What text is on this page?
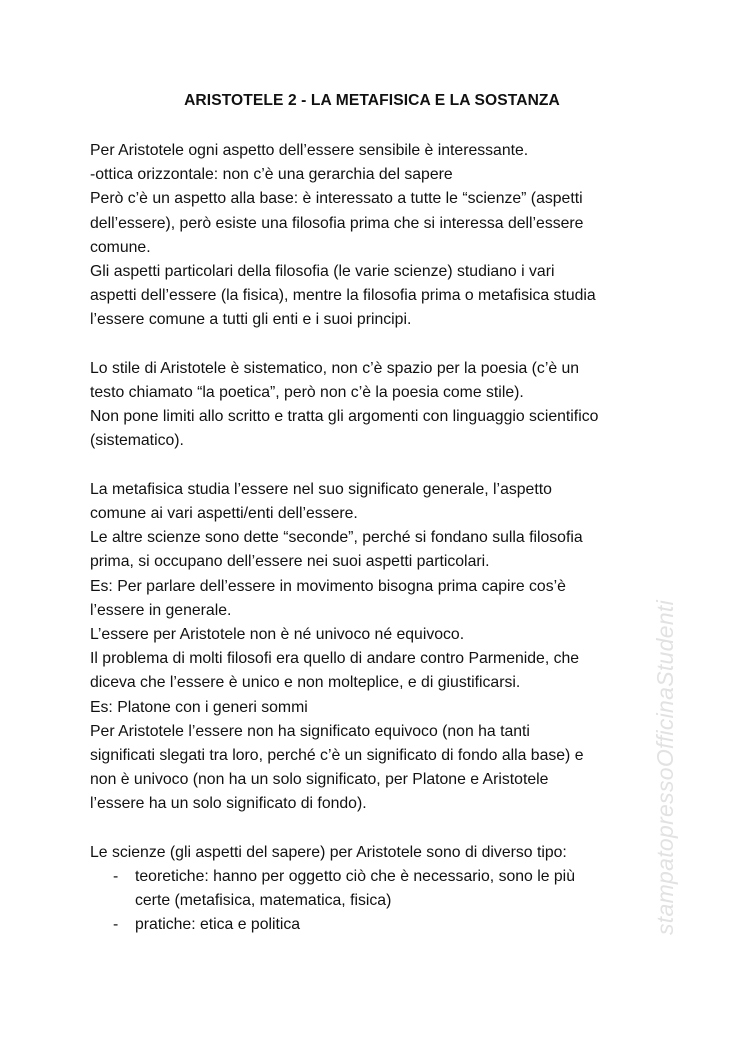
ARISTOTELE 2 - LA METAFISICA E LA SOSTANZA

Per Aristotele ogni aspetto dell’essere sensibile è interessante.
-ottica orizzontale: non c’è una gerarchia del sapere
Però c’è un aspetto alla base: è interessato a tutte le “scienze” (aspetti
dell’essere), però esiste una filosofia prima che si interessa dell’essere
comune.
Gli aspetti particolari della filosofia (le varie scienze) studiano i vari
aspetti dell’essere (la fisica), mentre la filosofia prima o metafisica studia
l’essere comune a tutti gli enti e i suoi principi.

Lo stile di Aristotele è sistematico, non c’è spazio per la poesia (c’è un
testo chiamato “la poetica”, però non c’è la poesia come stile).
Non pone limiti allo scritto e tratta gli argomenti con linguaggio scientifico
(sistematico).

La metafisica studia l’essere nel suo significato generale, l’aspetto
comune ai vari aspetti/enti dell’essere.
Le altre scienze sono dette “seconde”, perché si fondano sulla filosofia
prima, si occupano dell’essere nei suoi aspetti particolari.
Es: Per parlare dell’essere in movimento bisogna prima capire cos’è
l’essere in generale.
L’essere per Aristotele non è né univoco né equivoco.
Il problema di molti filosofi era quello di andare contro Parmenide, che
diceva che l’essere è unico e non molteplice, e di giustificarsi.
Es: Platone con i generi sommi
Per Aristotele l’essere non ha significato equivoco (non ha tanti
significati slegati tra loro, perché c’è un significato di fondo alla base) e
non è univoco (non ha un solo significato, per Platone e Aristotele
l’essere ha un solo significato di fondo).

Le scienze (gli aspetti del sapere) per Aristotele sono di diverso tipo:

- teoretiche: hanno per oggetto ciò che è necessario, sono le più
certe (metafisica, matematica, fisica)
- pratiche: etica e politica	stampatopressoOfficinaStudenti
